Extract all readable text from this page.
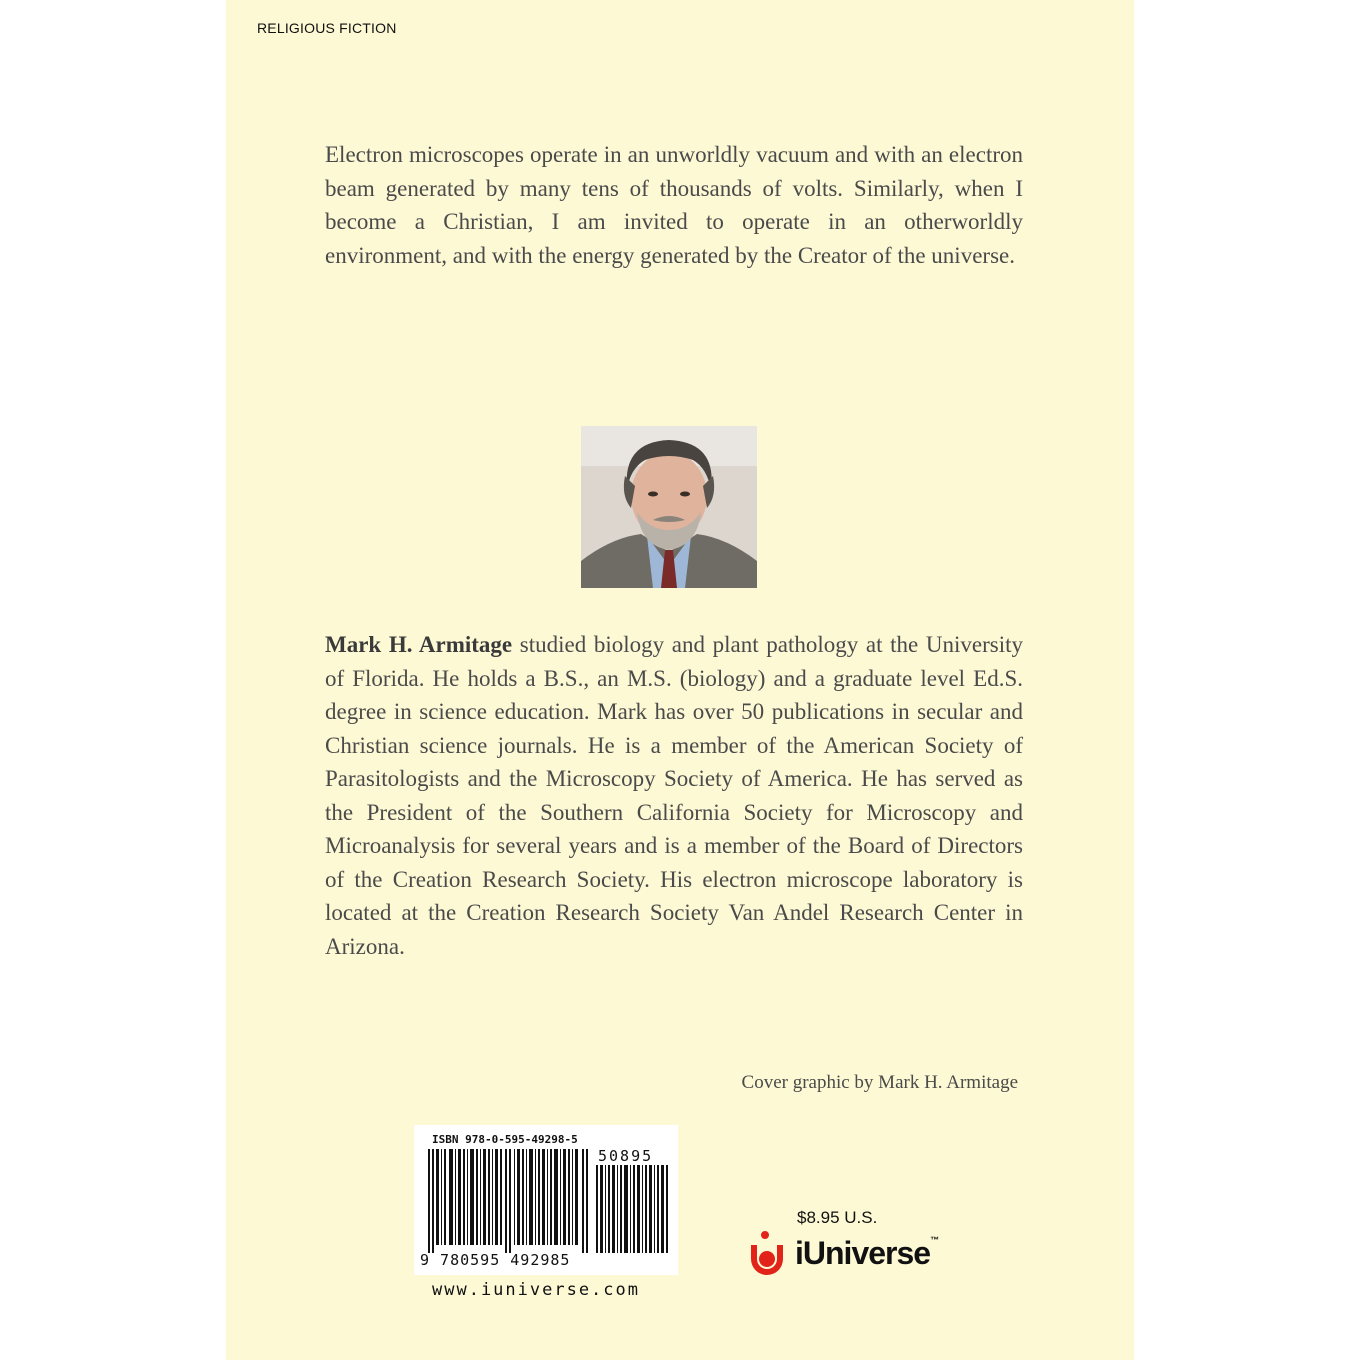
RELIGIOUS FICTION

Electron microscopes operate in an unworldly vacuum and with an electron beam generated by many tens of thousands of volts. Similarly, when I become a Christian, I am invited to operate in an otherworldly environment, and with the energy generated by the Creator of the universe.

Mark H. Armitage studied biology and plant pathology at the University of Florida. He holds a B.S., an M.S. (biology) and a graduate level Ed.S. degree in science education. Mark has over 50 publications in secular and Christian science journals. He is a member of the American Society of Parasitologists and the Microscopy Society of America. He has served as the President of the Southern California Society for Microscopy and Microanalysis for several years and is a member of the Board of Directors of the Creation Research Society. His electron microscope laboratory is located at the Creation Research Society Van Andel Research Center in Arizona.

Cover graphic by Mark H. Armitage
ISBN 978-0-595-49298-5
50895
9 780595 492985
www.iuniverse.com
$8.95 U.S.
iUniverse™
